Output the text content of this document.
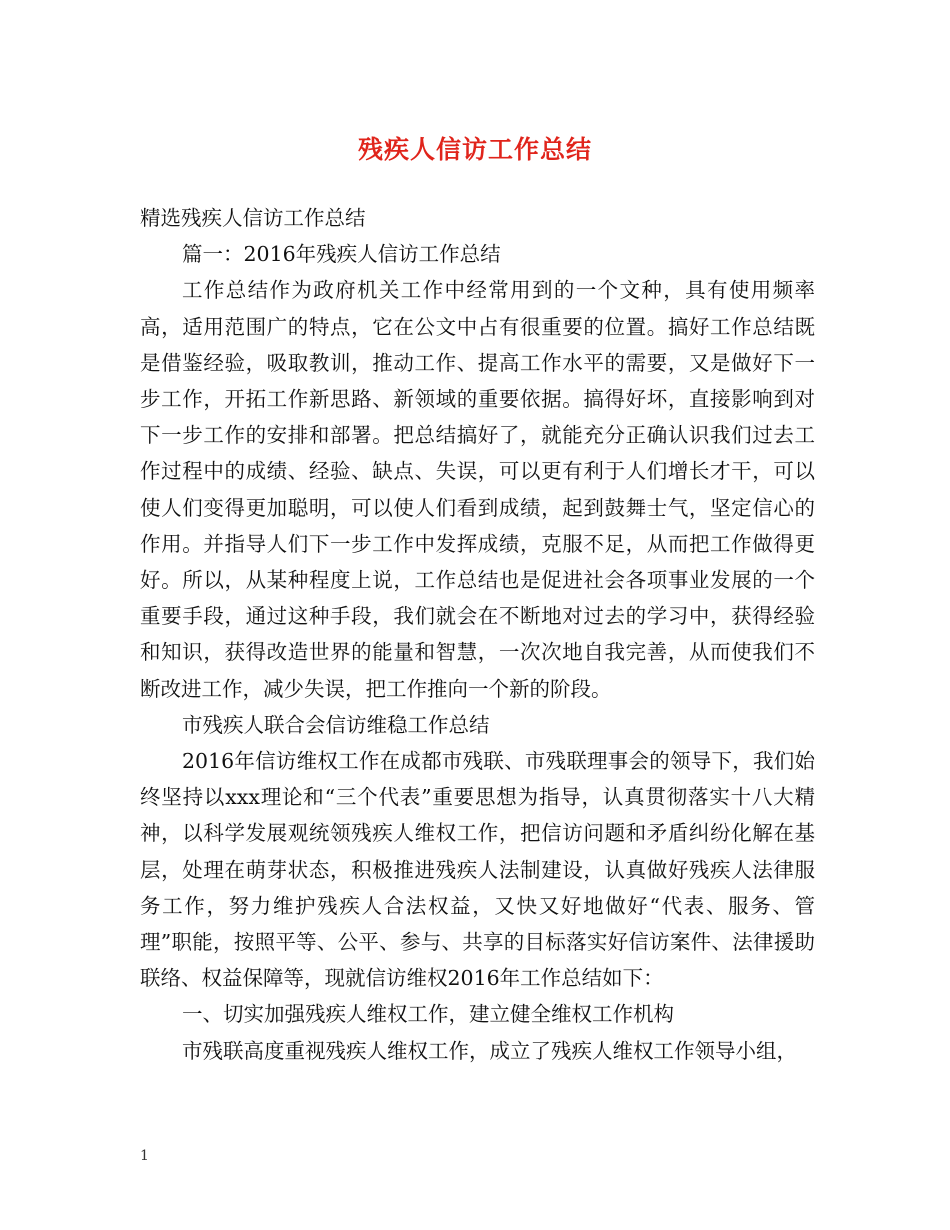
残疾人信访工作总结

精选残疾人信访工作总结

篇一：2016年残疾人信访工作总结

工作总结作为政府机关工作中经常用到的一个文种，具有使用频率高，适用范围广的特点，它在公文中占有很重要的位置。搞好工作总结既是借鉴经验，吸取教训，推动工作、提高工作水平的需要，又是做好下一步工作，开拓工作新思路、新领域的重要依据。搞得好坏，直接影响到对下一步工作的安排和部署。把总结搞好了，就能充分正确认识我们过去工作过程中的成绩、经验、缺点、失误，可以更有利于人们增长才干，可以使人们变得更加聪明，可以使人们看到成绩，起到鼓舞士气，坚定信心的作用。并指导人们下一步工作中发挥成绩，克服不足，从而把工作做得更好。所以，从某种程度上说，工作总结也是促进社会各项事业发展的一个重要手段，通过这种手段，我们就会在不断地对过去的学习中，获得经验和知识，获得改造世界的能量和智慧，一次次地自我完善，从而使我们不断改进工作，减少失误，把工作推向一个新的阶段。

市残疾人联合会信访维稳工作总结

2016年信访维权工作在成都市残联、市残联理事会的领导下，我们始终坚持以xxx理论和“三个代表”重要思想为指导，认真贯彻落实十八大精神，以科学发展观统领残疾人维权工作，把信访问题和矛盾纠纷化解在基层，处理在萌芽状态，积极推进残疾人法制建设，认真做好残疾人法律服务工作，努力维护残疾人合法权益，又快又好地做好“代表、服务、管理”职能，按照平等、公平、参与、共享的目标落实好信访案件、法律援助联络、权益保障等，现就信访维权2016年工作总结如下：

一、切实加强残疾人维权工作，建立健全维权工作机构

市残联高度重视残疾人维权工作，成立了残疾人维权工作领导小组，

1
